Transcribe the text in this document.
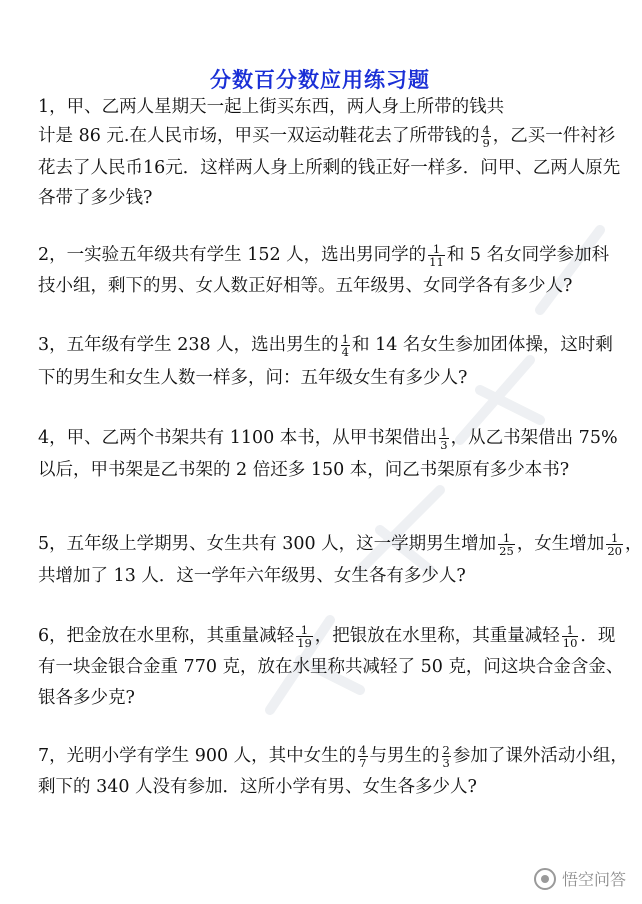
分数百分数应用练习题
1，甲、乙两人星期天一起上街买东西，两人身上所带的钱共
计是 86 元.在人民市场，甲买一双运动鞋花去了所带钱的 $\frac{4}{9}$ ，乙买一件衬衫
花去了人民币16元．这样两人身上所剩的钱正好一样多．问甲、乙两人原先
各带了多少钱?
2，一实验五年级共有学生 152 人，选出男同学的 $\frac{1}{11}$ 和 5 名女同学参加科
技小组，剩下的男、女人数正好相等。五年级男、女同学各有多少人?
3，五年级有学生 238 人，选出男生的 $\frac{1}{4}$ 和 14 名女生参加团体操，这时剩
下的男生和女生人数一样多，问：五年级女生有多少人?
4，甲、乙两个书架共有 1100 本书，从甲书架借出 $\frac{1}{3}$ ，从乙书架借出 75%
以后，甲书架是乙书架的 2 倍还多 150 本，问乙书架原有多少本书?
5，五年级上学期男、女生共有 300 人，这一学期男生增加 $\frac{1}{25}$ ，女生增加 $\frac{1}{20}$ ，
共增加了 13 人．这一学年六年级男、女生各有多少人?
6，把金放在水里称，其重量减轻 $\frac{1}{19}$ ，把银放在水里称，其重量减轻 $\frac{1}{10}$ ．现
有一块金银合金重 770 克，放在水里称共减轻了 50 克，问这块合金含金、
银各多少克?
7，光明小学有学生 900 人，其中女生的 $\frac{4}{7}$ 与男生的 $\frac{2}{3}$ 参加了课外活动小组，
剩下的 340 人没有参加．这所小学有男、女生各多少人?
悟空问答
